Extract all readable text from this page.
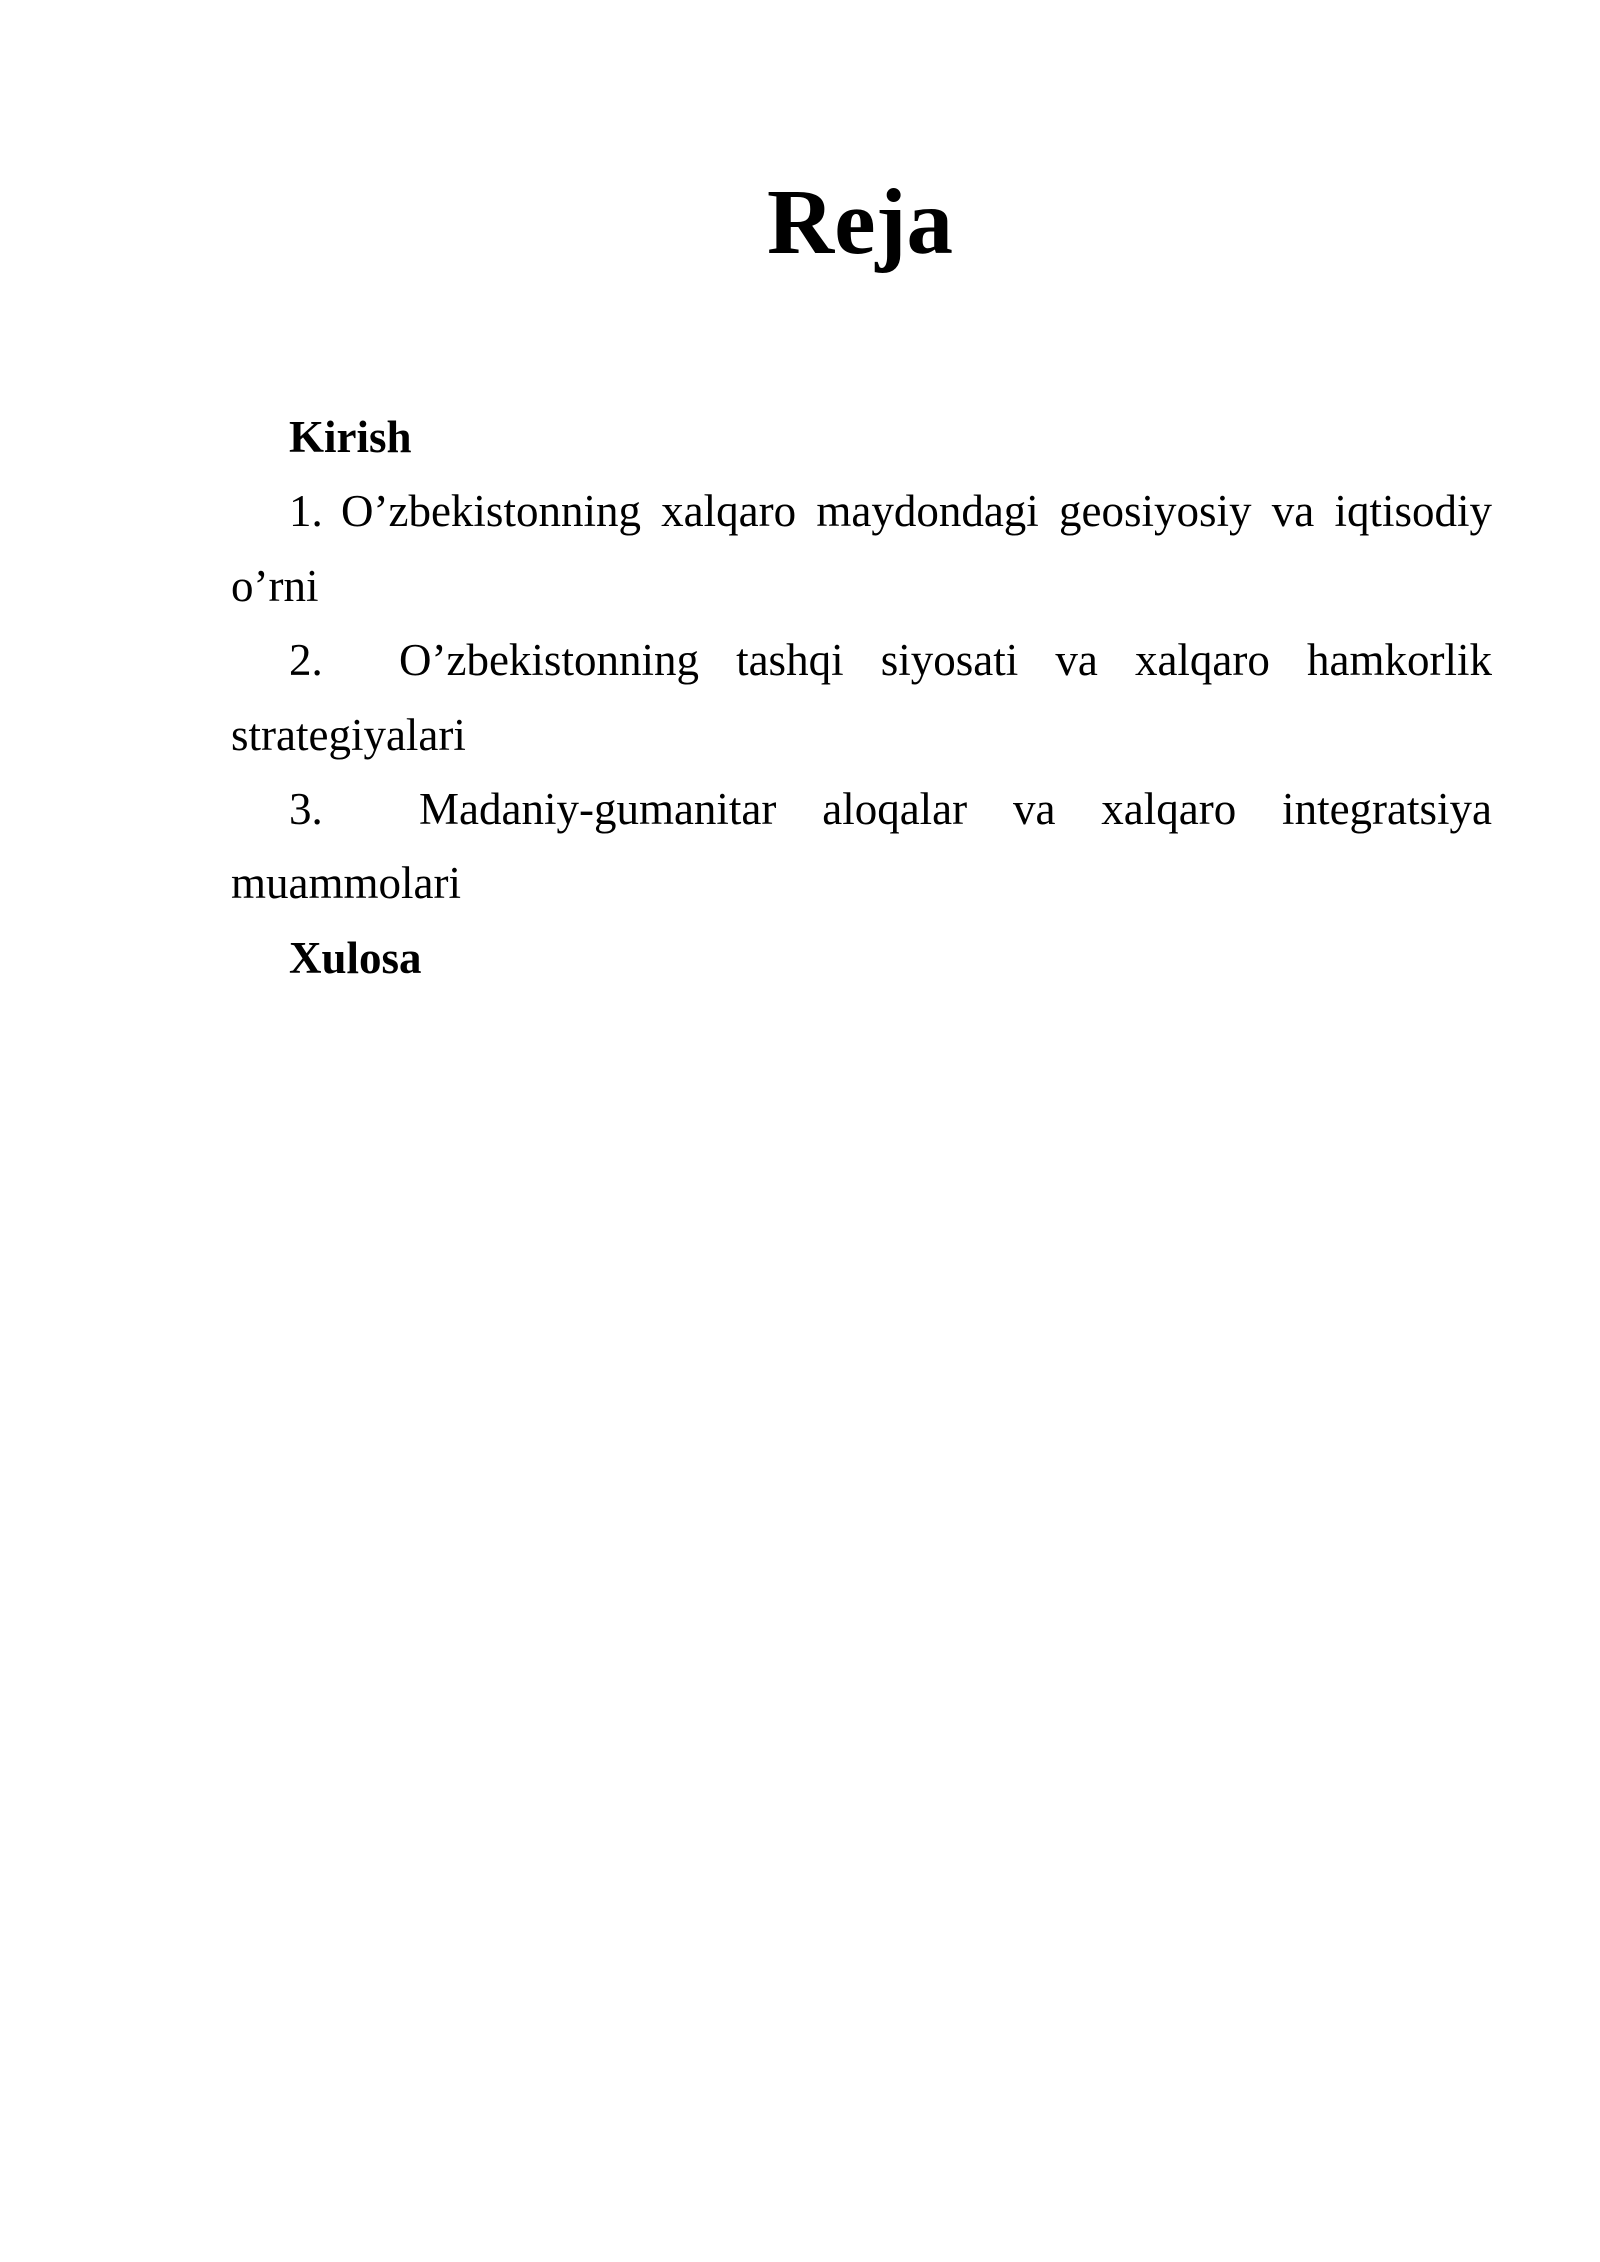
Reja

Kirish

1. O’zbekistonning xalqaro maydondagi geosiyosiy va iqtisodiy o’rni

2. O’zbekistonning tashqi siyosati va xalqaro hamkorlik strategiyalari

3. Madaniy-gumanitar aloqalar va xalqaro integratsiya muammolari

Xulosa
